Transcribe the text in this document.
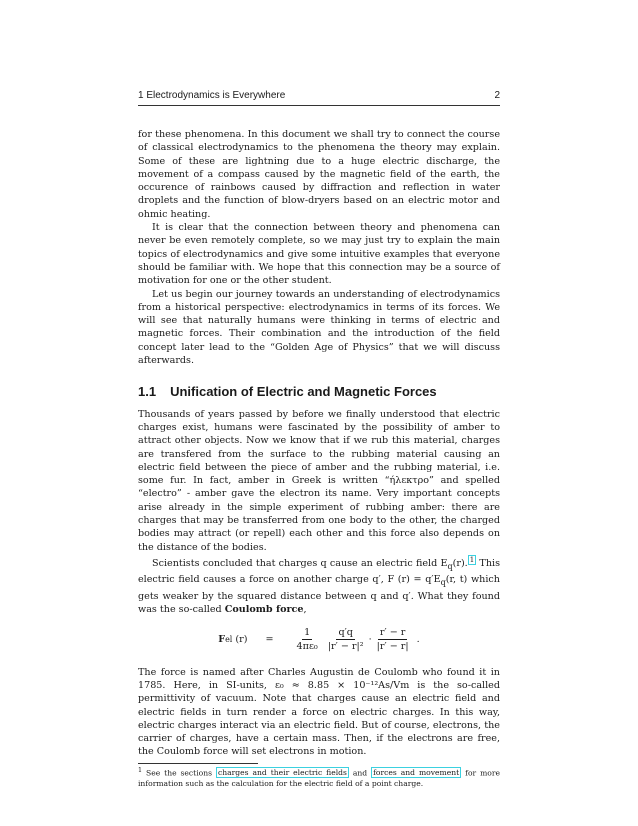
1 Electrodynamics is Everywhere	2

for these phenomena. In this document we shall try to connect the course of classical electrodynamics to the phenomena the theory may explain. Some of these are lightning due to a huge electric discharge, the movement of a compass caused by the magnetic field of the earth, the occurence of rainbows caused by diffraction and reflection in water droplets and the function of blow-dryers based on an electric motor and ohmic heating.

It is clear that the connection between theory and phenomena can never be even remotely complete, so we may just try to explain the main topics of electrodynamics and give some intuitive examples that everyone should be familiar with. We hope that this connection may be a source of motivation for one or the other student.

Let us begin our journey towards an understanding of electrodynamics from a historical perspective: electrodynamics in terms of its forces. We will see that naturally humans were thinking in terms of electric and magnetic forces. Their combination and the introduction of the field concept later lead to the “Golden Age of Physics” that we will discuss afterwards.

1.1 Unification of Electric and Magnetic Forces

Thousands of years passed by before we finally understood that electric charges exist, humans were fascinated by the possibility of amber to attract other objects. Now we know that if we rub this material, charges are transfered from the surface to the rubbing material causing an electric field between the piece of amber and the rubbing material, i.e. some fur. In fact, amber in Greek is written “ήλεκτρο” and spelled “electro” - amber gave the electron its name. Very important concepts arise already in the simple experiment of rubbing amber: there are charges that may be transferred from one body to the other, the charged bodies may attract (or repell) each other and this force also depends on the distance of the bodies.

Scientists concluded that charges q cause an electric field $E_q(r)$. $^1$ This electric field causes a force on another charge q′, F $(r) = q'E_q(r$, t) which gets weaker by the squared distance between q and q′. What they found was the so-called Coulomb force,

F el
$(r) = \frac{1}{\text{4πε₀}} \frac{q'q}{\text{|r′ − r|²}} \cdot \frac{r' - r}{|r' - r|}$
.

The force is named after Charles Augustin de Coulomb who found it in 1785. Here, in SI-units, ε₀ ≈ 8.85 × 10⁻¹²As/Vm is the so-called permittivity of vacuum. Note that charges cause an electric field and electric fields in turn render a force on electric charges. In this way, electric charges interact via an electric field. But of course, electrons, the carrier of charges, have a certain mass. Then, if the electrons are free, the Coulomb force will set electrons in motion.

$^1$ See the sections charges and their electric fields and forces and movement for more information such as the calculation for the electric field of a point charge.
